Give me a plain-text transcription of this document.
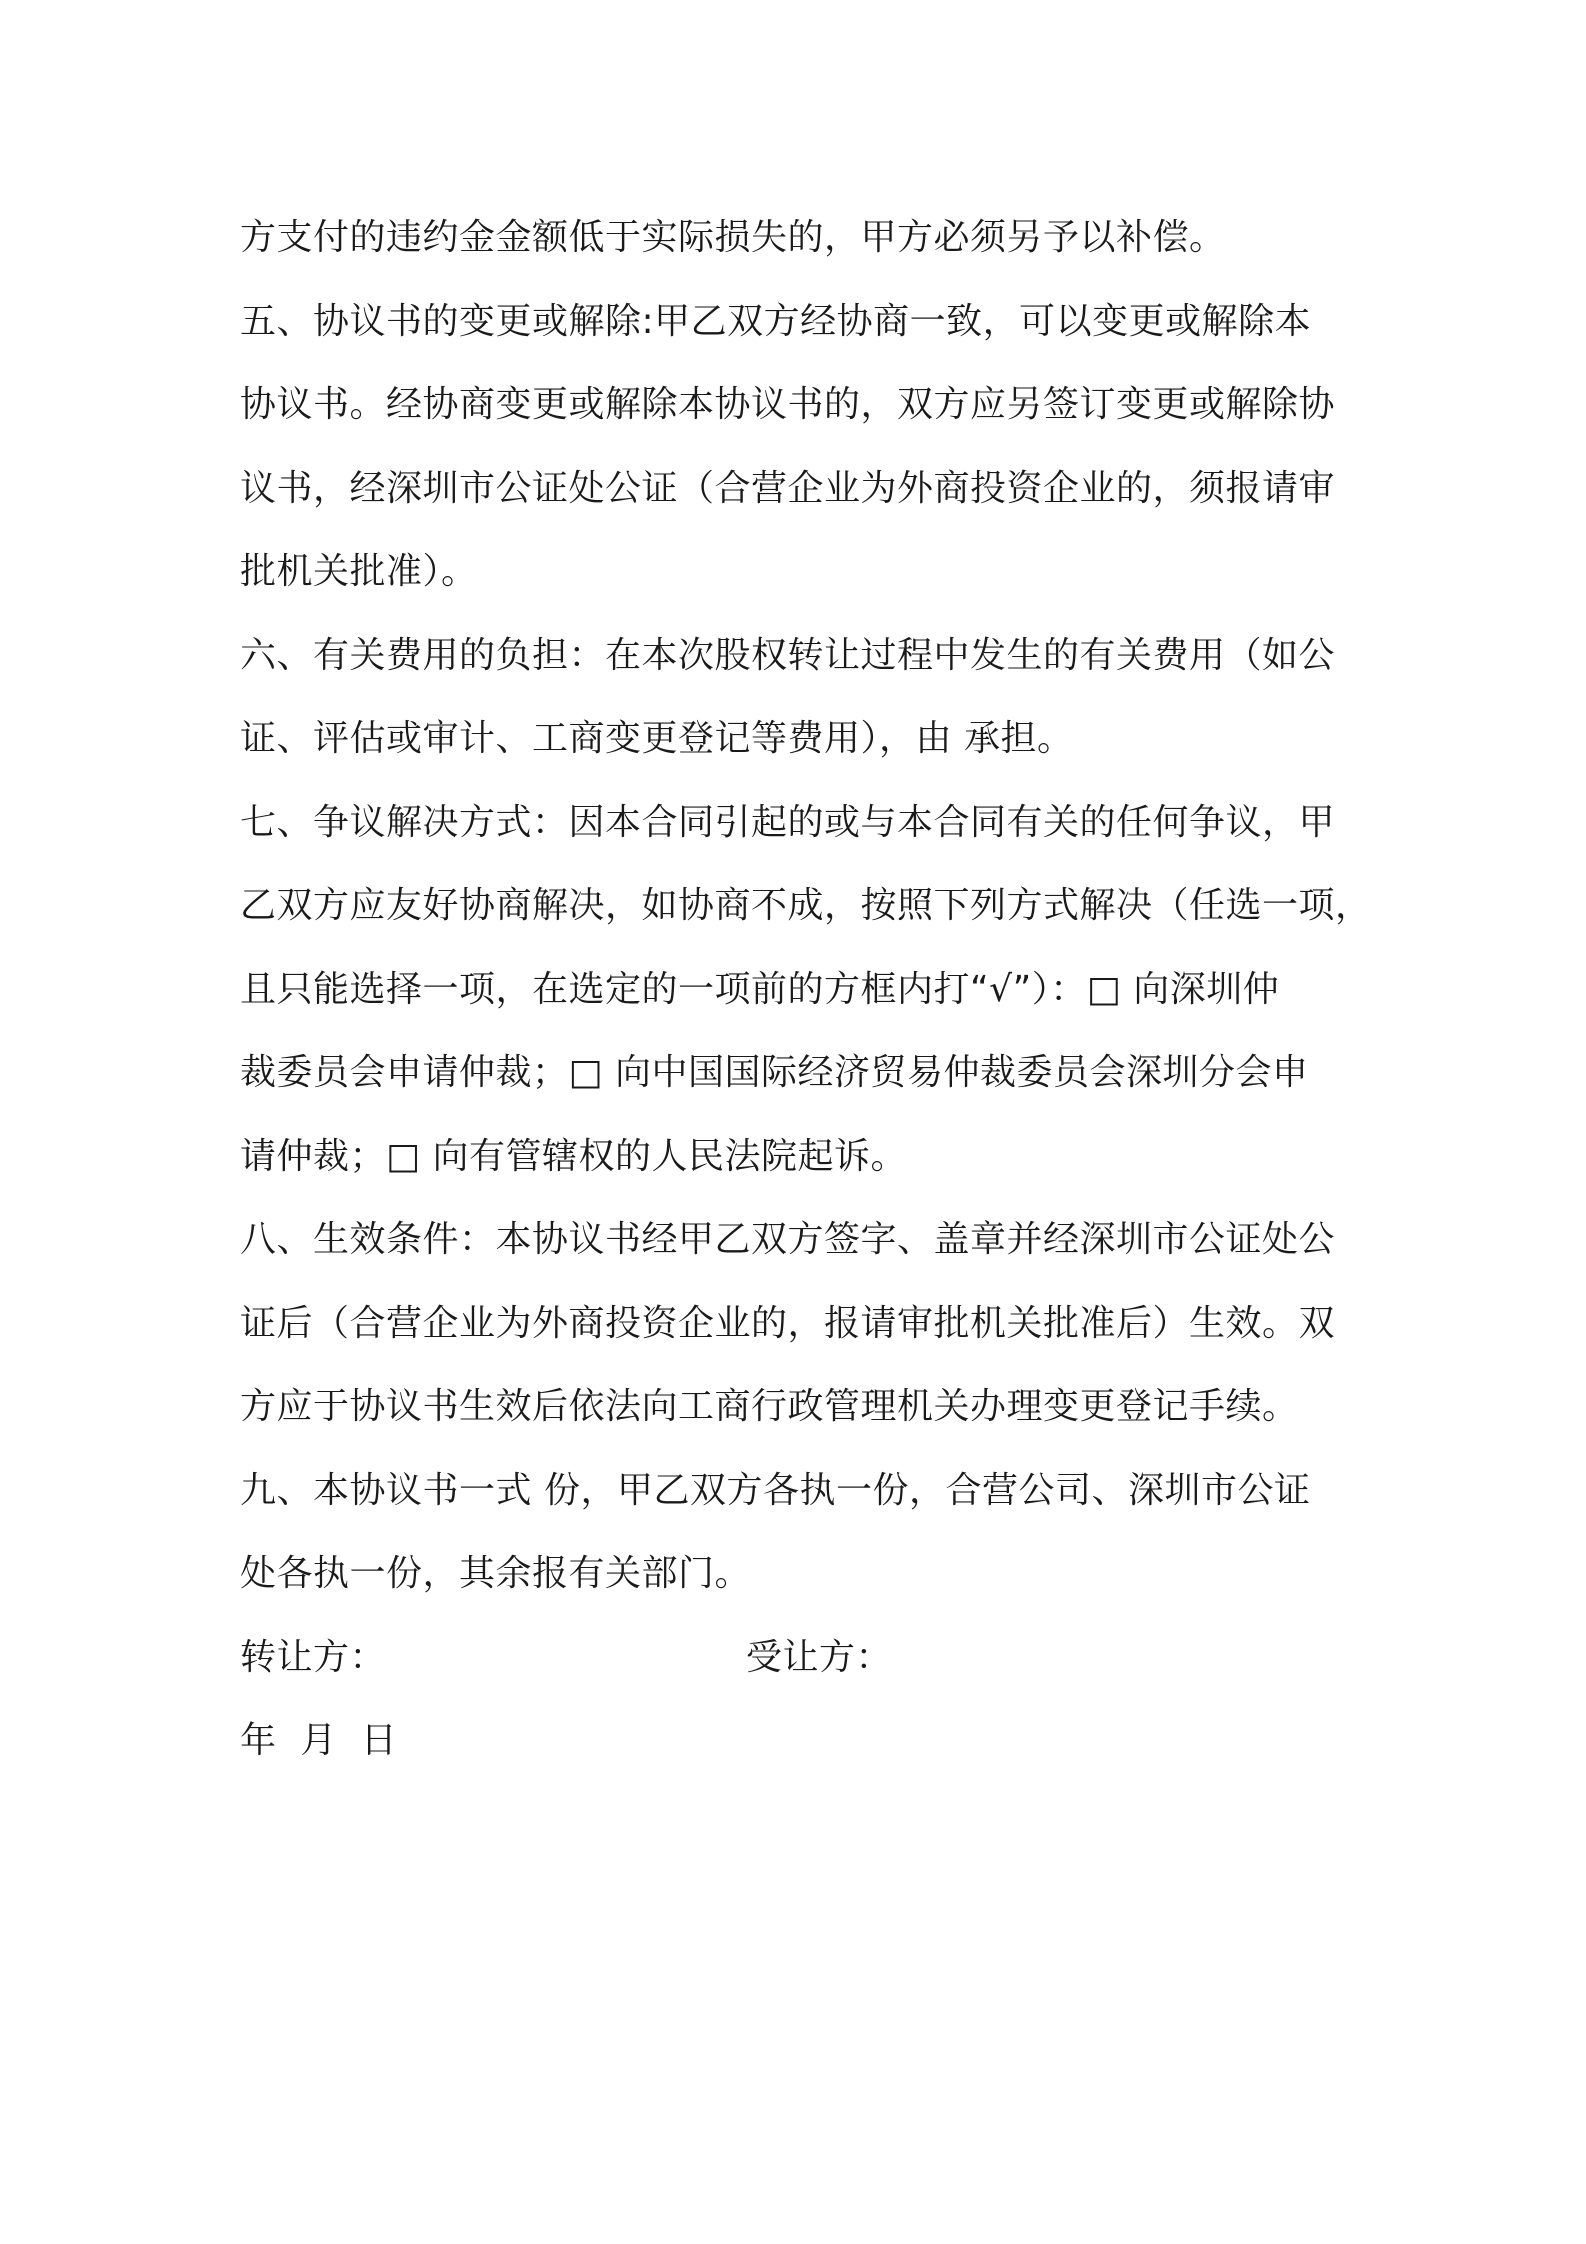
方支付的违约金金额低于实际损失的，甲方必须另予以补偿。
五、协议书的变更或解除:甲乙双方经协商一致，可以变更或解除本
协议书。经协商变更或解除本协议书的，双方应另签订变更或解除协
议书，经深圳市公证处公证（合营企业为外商投资企业的，须报请审
批机关批准）。
六、有关费用的负担：在本次股权转让过程中发生的有关费用（如公
证、评估或审计、工商变更登记等费用），由 承担。
七、争议解决方式：因本合同引起的或与本合同有关的任何争议，甲
乙双方应友好协商解决，如协商不成，按照下列方式解决（任选一项，
且只能选择一项，在选定的一项前的方框内打“√”）：□ 向深圳仲
裁委员会申请仲裁；□ 向中国国际经济贸易仲裁委员会深圳分会申
请仲裁；□ 向有管辖权的人民法院起诉。
八、生效条件：本协议书经甲乙双方签字、盖章并经深圳市公证处公
证后（合营企业为外商投资企业的，报请审批机关批准后）生效。双
方应于协议书生效后依法向工商行政管理机关办理变更登记手续。
九、本协议书一式 份，甲乙双方各执一份，合营公司、深圳市公证
处各执一份，其余报有关部门。
转让方：	受让方：
年  月  日
